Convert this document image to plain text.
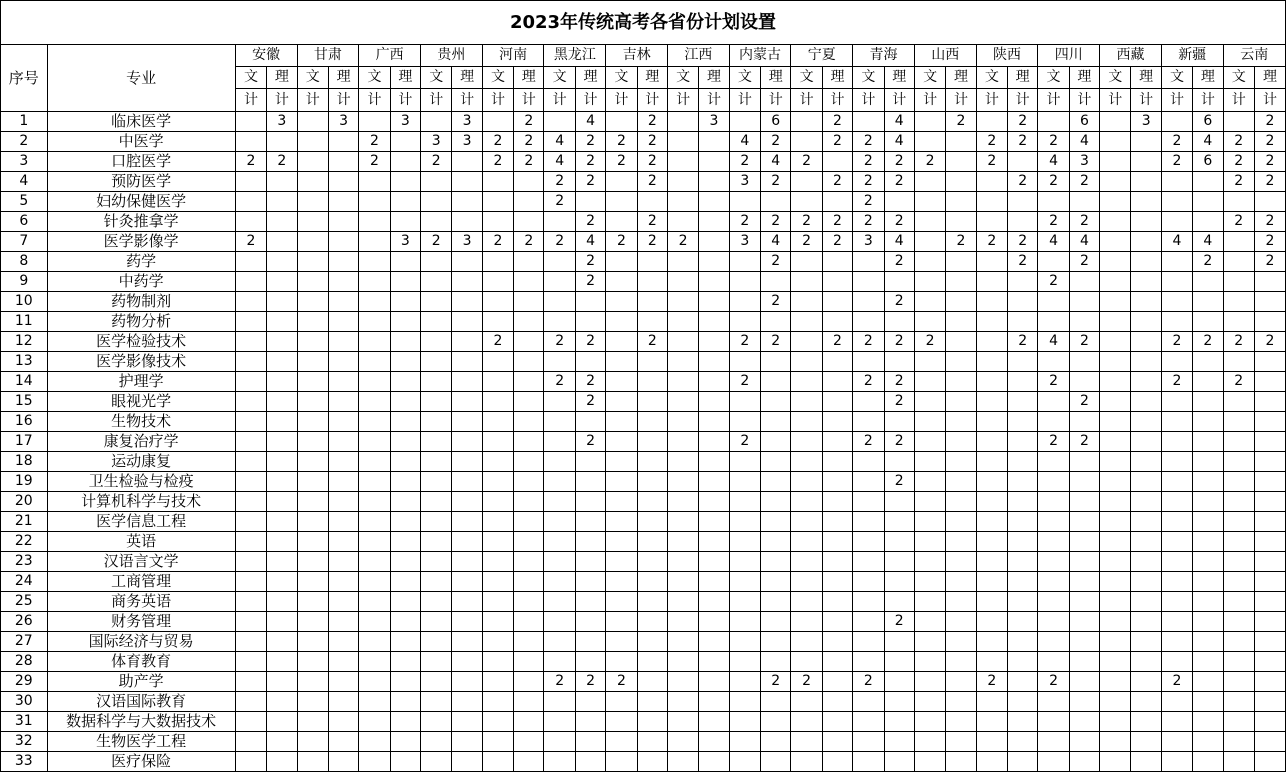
2023年传统高考各省份计划设置																																			
序号	专业	安徽		甘肃		广西		贵州		河南		黑龙江		吉林		江西		内蒙古		宁夏		青海		山西		陕西		四川		西藏		新疆		云南	
		文	理	文	理	文	理	文	理	文	理	文	理	文	理	文	理	文	理	文	理	文	理	文	理	文	理	文	理	文	理	文	理	文	理
		计	计	计	计	计	计	计	计	计	计	计	计	计	计	计	计	计	计	计	计	计	计	计	计	计	计	计	计	计	计	计	计	计	计
1	临床医学		3		3		3		3		2		4		2		3		6		2		4		2		2		6		3		6		2
2	中医学					2		3	3	2	2	4	2	2	2			4	2		2	2	4			2	2	2	4			2	4	2	2
3	口腔医学	2	2			2		2		2	2	4	2	2	2			2	4	2		2	2	2		2		4	3			2	6	2	2
4	预防医学											2	2		2			3	2		2	2	2				2	2	2					2	2
5	妇幼保健医学											2										2													
6	针灸推拿学												2		2			2	2	2	2	2	2					2	2					2	2
7	医学影像学	2					3	2	3	2	2	2	4	2	2	2		3	4	2	2	3	4		2	2	2	4	4			4	4		2
8	药学												2						2				2				2		2				2		2
9	中药学												2															2							
10	药物制剂																		2				2												
11	药物分析																																		
12	医学检验技术									2		2	2		2			2	2		2	2	2	2			2	4	2			2	2	2	2
13	医学影像技术																																		
14	护理学											2	2					2				2	2					2				2		2	
15	眼视光学												2										2						2						
16	生物技术																																		
17	康复治疗学												2					2				2	2					2	2						
18	运动康复																																		
19	卫生检验与检疫																						2												
20	计算机科学与技术																																		
21	医学信息工程																																		
22	英语																																		
23	汉语言文学																																		
24	工商管理																																		
25	商务英语																																		
26	财务管理																						2												
27	国际经济与贸易																																		
28	体育教育																																		
29	助产学											2	2	2					2	2		2				2		2				2			
30	汉语国际教育																																		
31	数据科学与大数据技术																																		
32	生物医学工程																																		
33	医疗保险																																		
